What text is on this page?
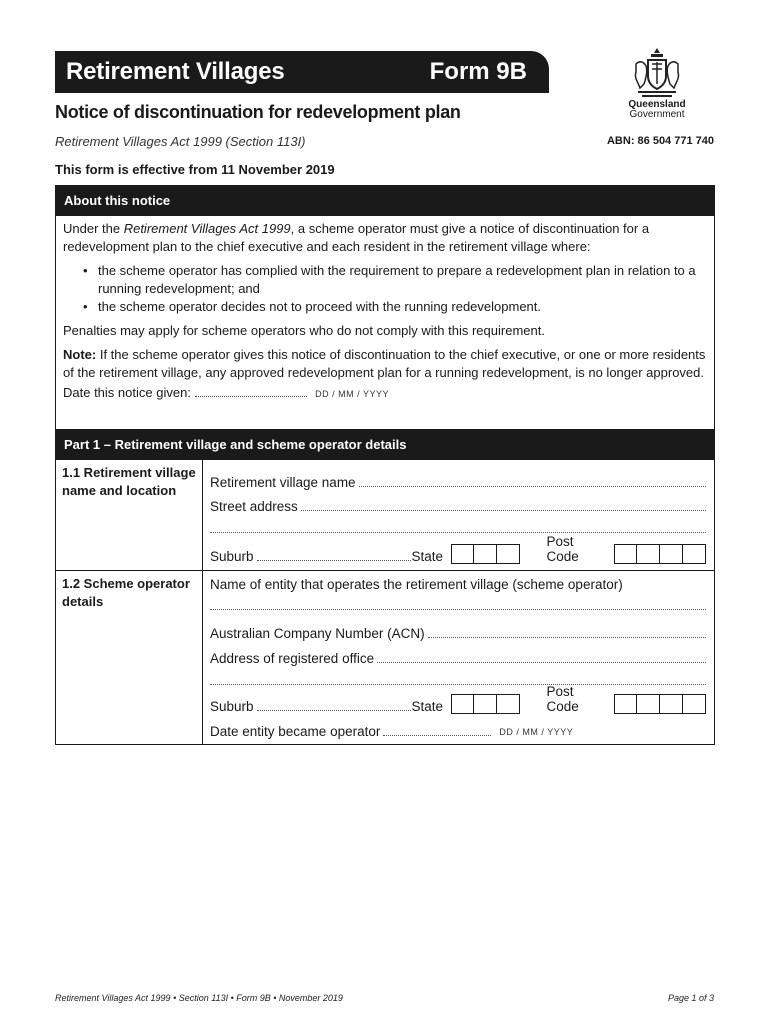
Retirement Villages	Form 9B
Queensland
Government
Notice of discontinuation for redevelopment plan
Retirement Villages Act 1999 (Section 113I)	ABN: 86 504 771 740
This form is effective from 11 November 2019
About this notice

Under the Retirement Villages Act 1999, a scheme operator must give a notice of discontinuation for a redevelopment plan to the chief executive and each resident in the retirement village where:

• the scheme operator has complied with the requirement to prepare a redevelopment plan in relation to a running redevelopment; and
• the scheme operator decides not to proceed with the running redevelopment.

Penalties may apply for scheme operators who do not comply with this requirement.

Note: If the scheme operator gives this notice of discontinuation to the chief executive, or one or more residents of the retirement village, any approved redevelopment plan for a running redevelopment, is no longer approved.

Date this notice given:	DD / MM / YYYY
Part 1 – Retirement village and scheme operator details
1.1 Retirement village name and location
Retirement village name
Street address
Suburb	State
Post Code
1.2 Scheme operator details
Name of entity that operates the retirement village (scheme operator)
Australian Company Number (ACN)
Address of registered office
Suburb	State
Post Code
Date entity became operator	DD / MM / YYYY
Retirement Villages Act 1999 • Section 113I • Form 9B • November 2019	Page 1 of 3
